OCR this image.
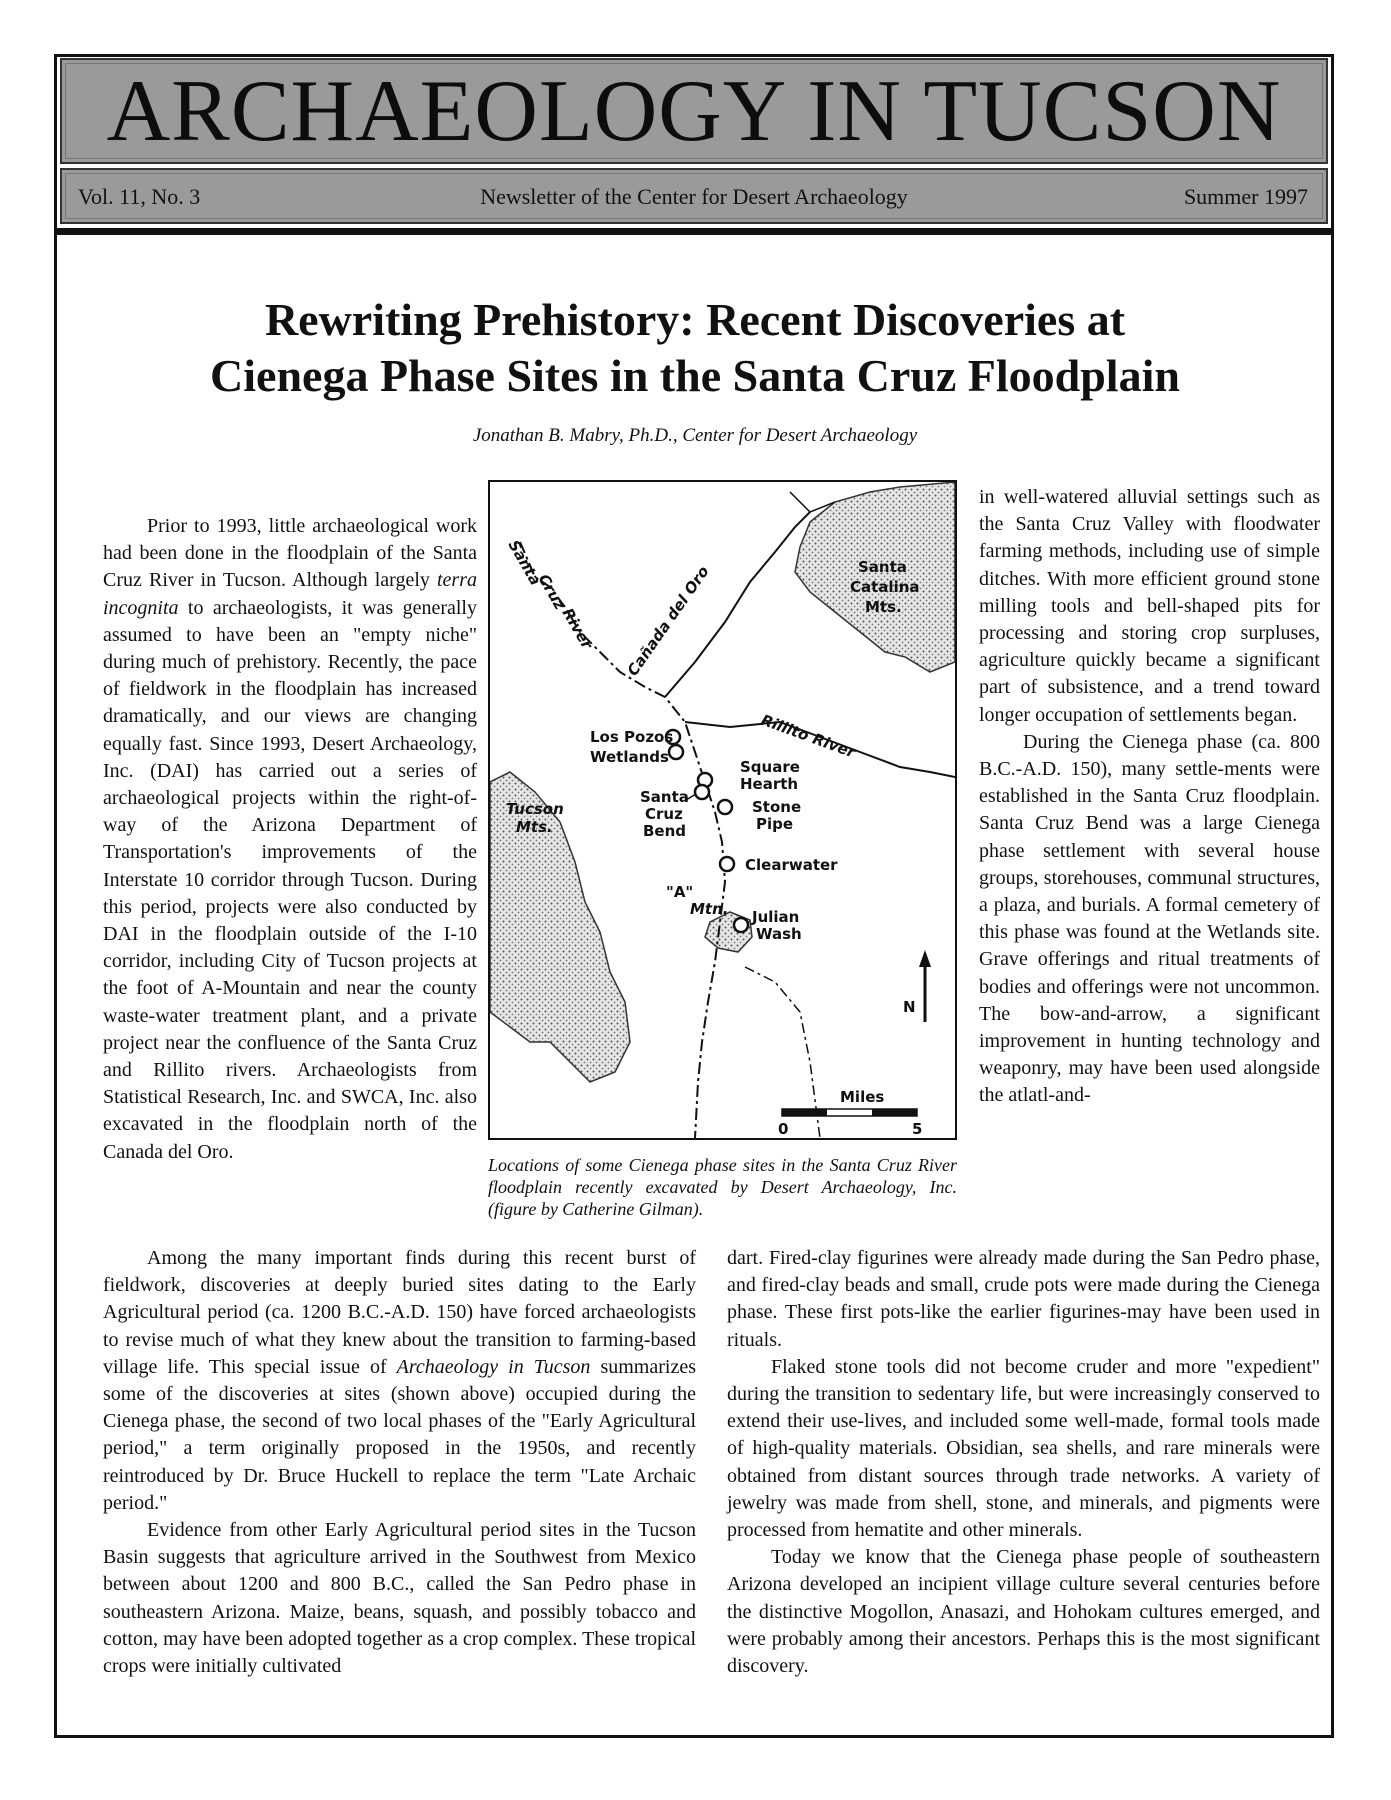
ARCHAEOLOGY IN TUCSON
Vol. 11, No. 3	Newsletter of the Center for Desert Archaeology	Summer 1997
Rewriting Prehistory: Recent Discoveries at
Cienega Phase Sites in the Santa Cruz Floodplain
Jonathan B. Mabry, Ph.D., Center for Desert Archaeology

Prior to 1993, little archaeological work had been done in the floodplain of the Santa Cruz River in Tucson. Although largely terra incognita to archaeologists, it was generally assumed to have been an "empty niche" during much of prehistory. Recently, the pace of fieldwork in the floodplain has increased dramatically, and our views are changing equally fast. Since 1993, Desert Archaeology, Inc. (DAI) has carried out a series of archaeological projects within the right-of-way of the Arizona Department of Transportation's improvements of the Interstate 10 corridor through Tucson. During this period, projects were also conducted by DAI in the floodplain outside of the I-10 corridor, including City of Tucson projects at the foot of A-Mountain and near the county waste-water treatment plant, and a private project near the confluence of the Santa Cruz and Rillito rivers. Archaeologists from Statistical Research, Inc. and SWCA, Inc. also excavated in the floodplain north of the Canada del Oro.

Santa
Cruz
River Cañada del Oro	Santa
Catalina
Mts.
Rillito River
Los Pozos
Wetlands
Square
Hearth
Santa
Cruz
Bend
Stone
Pipe
Tucson
Mts.
Clearwater
"A"
Mtn. Julian
Wash
N
Miles
0	5
Locations of some Cienega phase sites in the Santa Cruz River floodplain recently excavated by Desert Archaeology, Inc. (figure by Catherine Gilman).

in well-watered alluvial settings such as the Santa Cruz Valley with floodwater farming methods, including use of simple ditches. With more efficient ground stone milling tools and bell-shaped pits for processing and storing crop surpluses, agriculture quickly became a significant part of subsistence, and a trend toward longer occupation of settlements began.

During the Cienega phase (ca. 800 B.C.-A.D. 150), many settle-ments were established in the Santa Cruz floodplain. Santa Cruz Bend was a large Cienega phase settlement with several house groups, storehouses, communal structures, a plaza, and burials. A formal cemetery of this phase was found at the Wetlands site. Grave offerings and ritual treatments of bodies and offerings were not uncommon. The bow-and-arrow, a significant improvement in hunting technology and weaponry, may have been used alongside the atlatl-and-

Among the many important finds during this recent burst of fieldwork, discoveries at deeply buried sites dating to the Early Agricultural period (ca. 1200 B.C.-A.D. 150) have forced archaeologists to revise much of what they knew about the transition to farming-based village life. This special issue of Archaeology in Tucson summarizes some of the discoveries at sites (shown above) occupied during the Cienega phase, the second of two local phases of the "Early Agricultural period," a term originally proposed in the 1950s, and recently reintroduced by Dr. Bruce Huckell to replace the term "Late Archaic period."

Evidence from other Early Agricultural period sites in the Tucson Basin suggests that agriculture arrived in the Southwest from Mexico between about 1200 and 800 B.C., called the San Pedro phase in southeastern Arizona. Maize, beans, squash, and possibly tobacco and cotton, may have been adopted together as a crop complex. These tropical crops were initially cultivated

dart. Fired-clay figurines were already made during the San Pedro phase, and fired-clay beads and small, crude pots were made during the Cienega phase. These first pots-like the earlier figurines-may have been used in rituals.

Flaked stone tools did not become cruder and more "expedient" during the transition to sedentary life, but were increasingly conserved to extend their use-lives, and included some well-made, formal tools made of high-quality materials. Obsidian, sea shells, and rare minerals were obtained from distant sources through trade networks. A variety of jewelry was made from shell, stone, and minerals, and pigments were processed from hematite and other minerals.

Today we know that the Cienega phase people of southeastern Arizona developed an incipient village culture several centuries before the distinctive Mogollon, Anasazi, and Hohokam cultures emerged, and were probably among their ancestors. Perhaps this is the most significant discovery.
